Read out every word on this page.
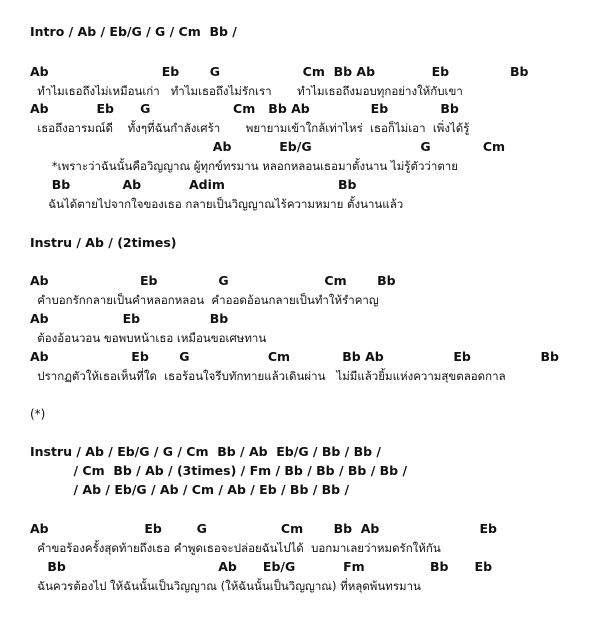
Intro / Ab / Eb/G / G / Cm  Bb /
Ab                          Eb       G                   Cm  Bb Ab             Eb              Bb
ทำไมเธอถึงไม่เหมือนเก่า   ทำไมเธอถึงไม่รักเรา       ทำไมเธอถึงมอบทุกอย่างให้กับเขา
Ab           Eb      G                   Cm   Bb Ab              Eb            Bb
เธอถึงอารมณ์ดี    ทั้งๆที่ฉันกำลังเศร้า       พยายามเข้าใกล้เท่าไหร่  เธอก็ไม่เอา  เพิ่งได้รู้
Ab           Eb/G                         G            Cm
*เพราะว่าฉันนั้นคือวิญญาณ ผู้ทุกข์ทรมาน หลอกหลอนเธอมาตั้งนาน ไม่รู้ตัวว่าตาย
Bb            Ab           Adim                          Bb
ฉันได้ตายไปจากใจของเธอ กลายเป็นวิญญาณไร้ความหมาย ตั้งนานแล้ว
Instru / Ab / (2times)
Ab                     Eb              G                      Cm       Bb
คำบอกรักกลายเป็นคำหลอกหลอน  คำออดอ้อนกลายเป็นทำให้รำคาญ
Ab                 Eb                Bb
ต้องอ้อนวอน ขอพบหน้าเธอ เหมือนขอเศษทาน
Ab                   Eb       G                  Cm            Bb Ab                Eb                Bb
ปรากฏตัวให้เธอเห็นที่ใด  เธอร้อนใจรีบทักทายแล้วเดินผ่าน   ไม่มีแล้วยิ้มแห่งความสุขตลอดกาล
(*)
Instru / Ab / Eb/G / G / Cm  Bb / Ab  Eb/G / Bb / Bb /
/ Cm  Bb / Ab / (3times) / Fm / Bb / Bb / Bb / Bb /
/ Ab / Eb/G / Ab / Cm / Ab / Eb / Bb / Bb /
Ab                      Eb        G                 Cm       Bb  Ab                       Eb
คำขอร้องครั้งสุดท้ายถึงเธอ คำพูดเธอจะปล่อยฉันไปได้  บอกมาเลยว่าหมดรักให้กัน
Bb                                   Ab      Eb/G           Fm               Bb      Eb
ฉันควรต้องไป ให้ฉันนั้นเป็นวิญญาณ (ให้ฉันนั้นเป็นวิญญาณ) ที่หลุดพ้นทรมาน
